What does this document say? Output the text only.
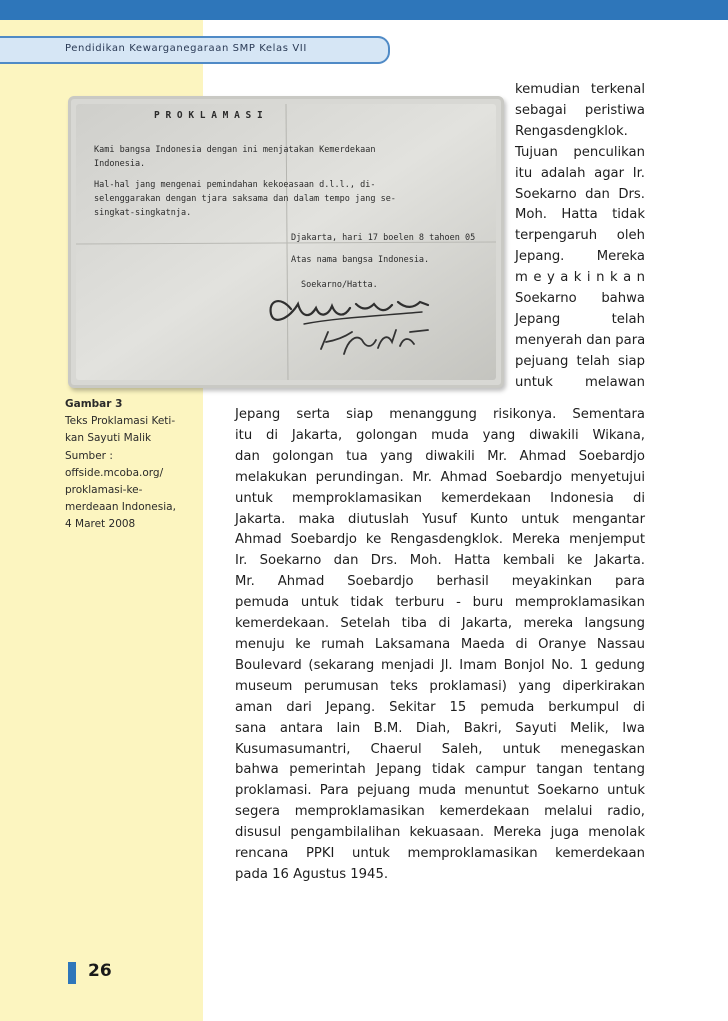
Pendidikan Kewarganegaraan SMP Kelas VII
P R O K L A M A S I
Kami bangsa Indonesia dengan ini menjatakan Kemerdekaan
Indonesia.
Hal-hal jang mengenai pemindahan kekoeasaan d.l.l., di-
selenggarakan dengan tjara saksama dan dalam tempo jang se-
singkat-singkatnja.
Djakarta, hari 17 boelen 8 tahoen 05
Atas nama bangsa Indonesia.
Soekarno/Hatta.
Gambar 3
Teks Proklamasi Keti-
kan Sayuti Malik
Sumber :
offside.mcoba.org/
proklamasi-ke-
merdeaan Indonesia,
4 Maret 2008
kemudian terkenal
sebagai peristiwa
Rengasdengklok.
Tujuan penculikan
itu adalah agar Ir.
Soekarno dan Drs.
Moh. Hatta tidak
terpengaruh oleh
Jepang. Mereka
m e y a k i n k a n
Soekarno bahwa
Jepang telah
menyerah dan para
pejuang telah siap
untuk melawan
Jepang serta siap menanggung risikonya. Sementara
itu di Jakarta, golongan muda yang diwakili Wikana,
dan golongan tua yang diwakili Mr. Ahmad Soebardjo
melakukan perundingan. Mr. Ahmad Soebardjo menyetujui
untuk memproklamasikan kemerdekaan Indonesia di
Jakarta. maka diutuslah Yusuf Kunto untuk mengantar
Ahmad Soebardjo ke Rengasdengklok. Mereka menjemput
Ir. Soekarno dan Drs. Moh. Hatta kembali ke Jakarta.
Mr. Ahmad Soebardjo berhasil meyakinkan para
pemuda untuk tidak terburu - buru memproklamasikan
kemerdekaan. Setelah tiba di Jakarta, mereka langsung
menuju ke rumah Laksamana Maeda di Oranye Nassau
Boulevard (sekarang menjadi Jl. Imam Bonjol No. 1 gedung
museum perumusan teks proklamasi) yang diperkirakan
aman dari Jepang. Sekitar 15 pemuda berkumpul di
sana antara lain B.M. Diah, Bakri, Sayuti Melik, Iwa
Kusumasumantri, Chaerul Saleh, untuk menegaskan
bahwa pemerintah Jepang tidak campur tangan tentang
proklamasi. Para pejuang muda menuntut Soekarno untuk
segera memproklamasikan kemerdekaan melalui radio,
disusul pengambilalihan kekuasaan. Mereka juga menolak
rencana PPKI untuk memproklamasikan kemerdekaan
pada 16 Agustus 1945.
26
